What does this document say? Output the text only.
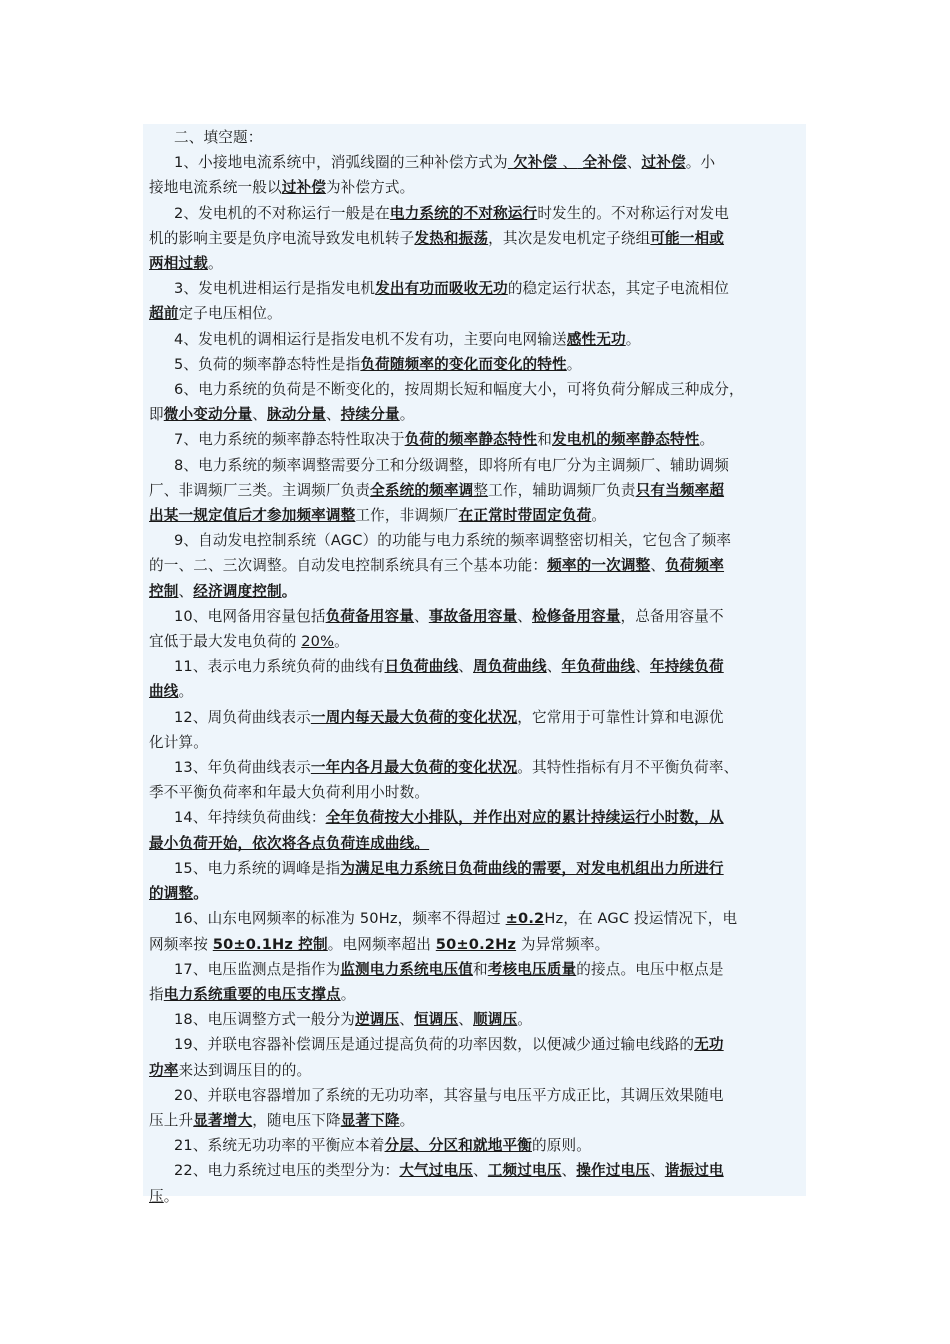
二、填空题：
1、小接地电流系统中，消弧线圈的三种补偿方式为 欠补偿 、 全补偿、过补偿。小
接地电流系统一般以过补偿为补偿方式。
2、发电机的不对称运行一般是在电力系统的不对称运行时发生的。不对称运行对发电
机的影响主要是负序电流导致发电机转子发热和振荡，其次是发电机定子绕组可能一相或
两相过载。
3、发电机进相运行是指发电机发出有功而吸收无功的稳定运行状态，其定子电流相位
超前定子电压相位。
4、发电机的调相运行是指发电机不发有功，主要向电网输送感性无功。
5、负荷的频率静态特性是指负荷随频率的变化而变化的特性。
6、电力系统的负荷是不断变化的，按周期长短和幅度大小，可将负荷分解成三种成分，
即微小变动分量、脉动分量、持续分量。
7、电力系统的频率静态特性取决于负荷的频率静态特性和发电机的频率静态特性。
8、电力系统的频率调整需要分工和分级调整，即将所有电厂分为主调频厂、辅助调频
厂、非调频厂三类。主调频厂负责全系统的频率调整工作，辅助调频厂负责只有当频率超
出某一规定值后才参加频率调整工作，非调频厂在正常时带固定负荷。
9、自动发电控制系统（AGC）的功能与电力系统的频率调整密切相关，它包含了频率
的一、二、三次调整。自动发电控制系统具有三个基本功能：频率的一次调整、负荷频率
控制、经济调度控制。
10、电网备用容量包括负荷备用容量、事故备用容量、检修备用容量，总备用容量不
宜低于最大发电负荷的 20%。
11、表示电力系统负荷的曲线有日负荷曲线、周负荷曲线、年负荷曲线、年持续负荷
曲线。
12、周负荷曲线表示一周内每天最大负荷的变化状况，它常用于可靠性计算和电源优
化计算。
13、年负荷曲线表示一年内各月最大负荷的变化状况。其特性指标有月不平衡负荷率、
季不平衡负荷率和年最大负荷利用小时数。
14、年持续负荷曲线：全年负荷按大小排队，并作出对应的累计持续运行小时数，从
最小负荷开始，依次将各点负荷连成曲线。
15、电力系统的调峰是指为满足电力系统日负荷曲线的需要，对发电机组出力所进行
的调整。
16、山东电网频率的标准为 50Hz，频率不得超过 ±0.2Hz，在 AGC 投运情况下，电
网频率按 50±0.1Hz 控制。电网频率超出 50±0.2Hz 为异常频率。
17、电压监测点是指作为监测电力系统电压值和考核电压质量的接点。电压中枢点是
指电力系统重要的电压支撑点。
18、电压调整方式一般分为逆调压、恒调压、顺调压。
19、并联电容器补偿调压是通过提高负荷的功率因数，以便减少通过输电线路的无功
功率来达到调压目的的。
20、并联电容器增加了系统的无功功率，其容量与电压平方成正比，其调压效果随电
压上升显著增大，随电压下降显著下降。
21、系统无功功率的平衡应本着分层、分区和就地平衡的原则。
22、电力系统过电压的类型分为：大气过电压、工频过电压、操作过电压、谐振过电
压。
